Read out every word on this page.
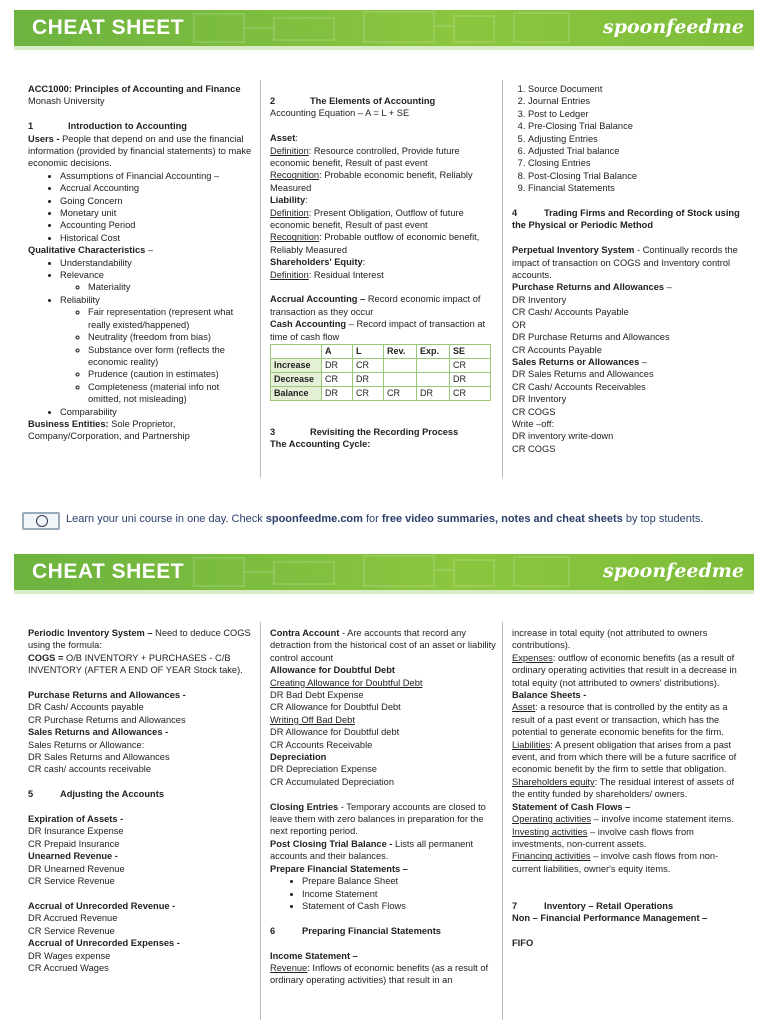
CHEAT SHEET	spoonfeedme

ACC1000: Principles of Accounting and Finance

Monash University

1	Introduction to Accounting

Users - People that depend on and use the financial information (provided by financial statements) to make economic decisions.

• Assumptions of Financial Accounting –
• Accrual Accounting
• Going Concern
• Monetary unit
• Accounting Period
• Historical Cost

Qualitative Characteristics –

• Understandability
• Relevance
◦ Materiality
• Reliability
◦ Fair representation (represent what really existed/happened)
◦ Neutrality (freedom from bias)
◦ Substance over form (reflects the economic reality)
◦ Prudence (caution in estimates)
◦ Completeness (material info not omitted, not misleading)
• Comparability

Business Entities: Sole Proprietor, Company/Corporation, and Partnership

2	The Elements of Accounting

Accounting Equation – A = L + SE

Asset:

Definition: Resource controlled, Provide future economic benefit, Result of past event

Recognition: Probable economic benefit, Reliably Measured

Liability:

Definition: Present Obligation, Outflow of future economic benefit, Result of past event

Recognition: Probable outflow of economic benefit, Reliably Measured

Shareholders' Equity:

Definition: Residual Interest

Accrual Accounting – Record economic impact of transaction as they occur

Cash Accounting – Record impact of transaction at time of cash flow

	A	L	Rev.	Exp.	SE
Increase	DR	CR			CR
Decrease	CR	DR			DR
Balance	DR	CR	CR	DR	CR

3	Revisiting the Recording Process

The Accounting Cycle:

1. Source Document
2. Journal Entries
3. Post to Ledger
4. Pre-Closing Trial Balance
5. Adjusting Entries
6. Adjusted Trial balance
7. Closing Entries
8. Post-Closing Trial Balance
9. Financial Statements

4	Trading Firms and Recording of Stock using the Physical or Periodic Method

Perpetual Inventory System - Continually records the impact of transaction on COGS and Inventory control accounts.

Purchase Returns and Allowances –

DR Inventory

CR Cash/ Accounts Payable

OR

DR Purchase Returns and Allowances

CR Accounts Payable

Sales Returns or Allowances –

DR Sales Returns and Allowances

CR Cash/ Accounts Receivables

DR Inventory

CR COGS

Write –off:

DR inventory write-down

CR COGS

Learn your uni course in one day. Check spoonfeedme.com for free video summaries, notes and cheat sheets by top students.
CHEAT SHEET	spoonfeedme

Periodic Inventory System – Need to deduce COGS using the formula:

COGS = O/B INVENTORY + PURCHASES - C/B INVENTORY (AFTER A END OF YEAR Stock take).

Purchase Returns and Allowances -

DR Cash/ Accounts payable

CR Purchase Returns and Allowances

Sales Returns and Allowances -

Sales Returns or Allowance:

DR Sales Returns and Allowances

CR cash/ accounts receivable

5	Adjusting the Accounts

Expiration of Assets -

DR Insurance Expense

CR Prepaid Insurance

Unearned Revenue -

DR Unearned Revenue

CR Service Revenue

Accrual of Unrecorded Revenue -

DR Accrued Revenue

CR Service Revenue

Accrual of Unrecorded Expenses -

DR Wages expense

CR Accrued Wages

Contra Account - Are accounts that record any detraction from the historical cost of an asset or liability control account

Allowance for Doubtful Debt

Creating Allowance for Doubtful Debt

DR Bad Debt Expense

CR Allowance for Doubtful Debt

Writing Off Bad Debt

DR Allowance for Doubtful debt

CR Accounts Receivable

Depreciation

DR Depreciation Expense

CR Accumulated Depreciation

Closing Entries - Temporary accounts are closed to leave them with zero balances in preparation for the next reporting period.

Post Closing Trial Balance - Lists all permanent accounts and their balances.

Prepare Financial Statements –

• Prepare Balance Sheet
• Income Statement
• Statement of Cash Flows

6	Preparing Financial Statements

Income Statement –

Revenue: Inflows of economic benefits (as a result of ordinary operating activities) that result in an

increase in total equity (not attributed to owners contributions).

Expenses: outflow of economic benefits (as a result of ordinary operating activities that result in a decrease in total equity (not attributed to owners' distributions).

Balance Sheets -

Asset: a resource that is controlled by the entity as a result of a past event or transaction, which has the potential to generate economic benefits for the firm.

Liabilities: A present obligation that arises from a past event, and from which there will be a future sacrifice of economic benefit by the firm to settle that obligation.

Shareholders equity: The residual interest of assets of the entity funded by shareholders/ owners.

Statement of Cash Flows –

Operating activities – involve income statement items.

Investing activities – involve cash flows from investments, non-current assets.

Financing activities – involve cash flows from non-current liabilities, owner's equity items.

7	Inventory – Retail Operations

Non – Financial Performance Management –

FIFO
